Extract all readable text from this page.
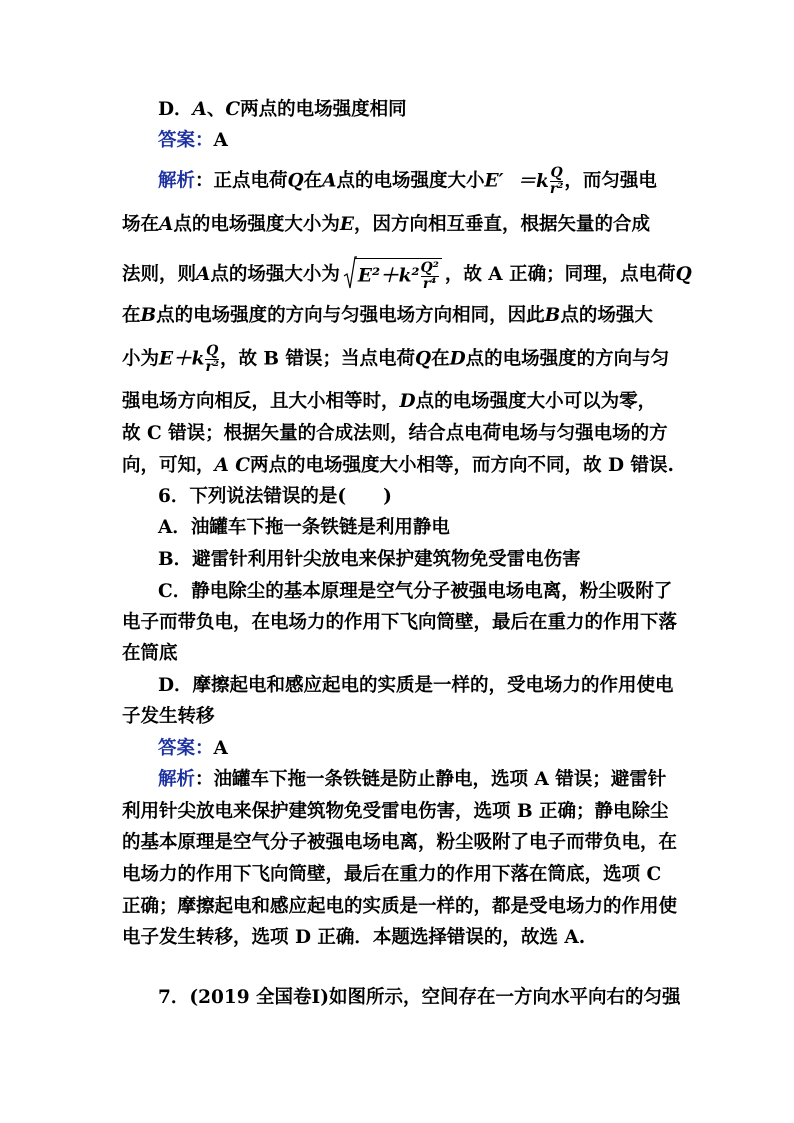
D．A、C两点的电场强度相同
答案：A
解析：正点电荷Q在A点的电场强度大小$E' =k \frac{Q}{\text{r²}}$ ，而匀强电
场在A点的电场强度大小为E，因方向相互垂直，根据矢量的合成
法则，则A点的场强大小为 $E^2+k^2 \frac{\text{Q²}}{\text{r⁴}}$ ，故 A 正确；同理，点电荷Q
在B点的电场强度的方向与匀强电场方向相同，因此B点的场强大
小为$E+k \frac{Q}{\text{r²}}$ ，故 B 错误；当点电荷Q在D点的电场强度的方向与匀
强电场方向相反，且大小相等时，D点的电场强度大小可以为零，
故 C 错误；根据矢量的合成法则，结合点电荷电场与匀强电场的方
向，可知，A C两点的电场强度大小相等，而方向不同，故 D 错误.
6．下列说法错误的是(　　)
A．油罐车下拖一条铁链是利用静电
B．避雷针利用针尖放电来保护建筑物免受雷电伤害
C．静电除尘的基本原理是空气分子被强电场电离，粉尘吸附了
电子而带负电，在电场力的作用下飞向筒壁，最后在重力的作用下落
在筒底
D．摩擦起电和感应起电的实质是一样的，受电场力的作用使电
子发生转移
答案：A
解析：油罐车下拖一条铁链是防止静电，选项 A 错误；避雷针
利用针尖放电来保护建筑物免受雷电伤害，选项 B 正确；静电除尘
的基本原理是空气分子被强电场电离，粉尘吸附了电子而带负电，在
电场力的作用下飞向筒壁，最后在重力的作用下落在筒底，选项 C
正确；摩擦起电和感应起电的实质是一样的，都是受电场力的作用使
电子发生转移，选项 D 正确．本题选择错误的，故选 A.
7．(2019 全国卷Ⅰ)如图所示，空间存在一方向水平向右的匀强
